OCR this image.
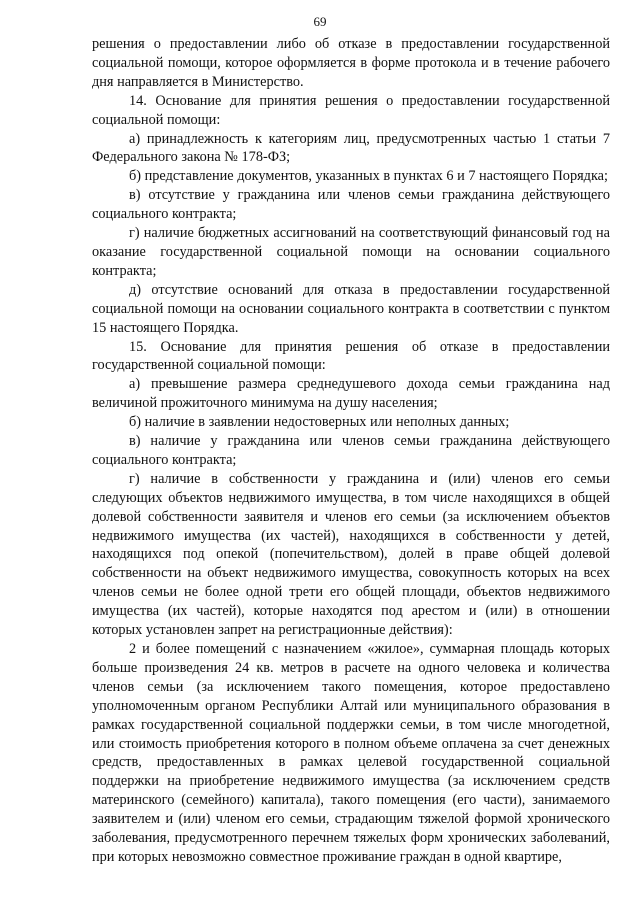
69

решения о предоставлении либо об отказе в предоставлении государственной социальной помощи, которое оформляется в форме протокола и в течение рабочего дня направляется в Министерство.

14. Основание для принятия решения о предоставлении государственной социальной помощи:

а) принадлежность к категориям лиц, предусмотренных частью 1 статьи 7 Федерального закона № 178-ФЗ;

б) представление документов, указанных в пунктах 6 и 7 настоящего Порядка;

в) отсутствие у гражданина или членов семьи гражданина действующего социального контракта;

г) наличие бюджетных ассигнований на соответствующий финансовый год на оказание государственной социальной помощи на основании социального контракта;

д) отсутствие оснований для отказа в предоставлении государственной социальной помощи на основании социального контракта в соответствии с пунктом 15 настоящего Порядка.

15. Основание для принятия решения об отказе в предоставлении государственной социальной помощи:

а) превышение размера среднедушевого дохода семьи гражданина над величиной прожиточного минимума на душу населения;

б) наличие в заявлении недостоверных или неполных данных;

в) наличие у гражданина или членов семьи гражданина действующего социального контракта;

г) наличие в собственности у гражданина и (или) членов его семьи следующих объектов недвижимого имущества, в том числе находящихся в общей долевой собственности заявителя и членов его семьи (за исключением объектов недвижимого имущества (их частей), находящихся в собственности у детей, находящихся под опекой (попечительством), долей в праве общей долевой собственности на объект недвижимого имущества, совокупность которых на всех членов семьи не более одной трети его общей площади, объектов недвижимого имущества (их частей), которые находятся под арестом и (или) в отношении которых установлен запрет на регистрационные действия):

2 и более помещений с назначением «жилое», суммарная площадь которых больше произведения 24 кв. метров в расчете на одного человека и количества членов семьи (за исключением такого помещения, которое предоставлено уполномоченным органом Республики Алтай или муниципального образования в рамках государственной социальной поддержки семьи, в том числе многодетной, или стоимость приобретения которого в полном объеме оплачена за счет денежных средств, предоставленных в рамках целевой государственной социальной поддержки на приобретение недвижимого имущества (за исключением средств материнского (семейного) капитала), такого помещения (его части), занимаемого заявителем и (или) членом его семьи, страдающим тяжелой формой хронического заболевания, предусмотренного перечнем тяжелых форм хронических заболеваний, при которых невозможно совместное проживание граждан в одной квартире,
